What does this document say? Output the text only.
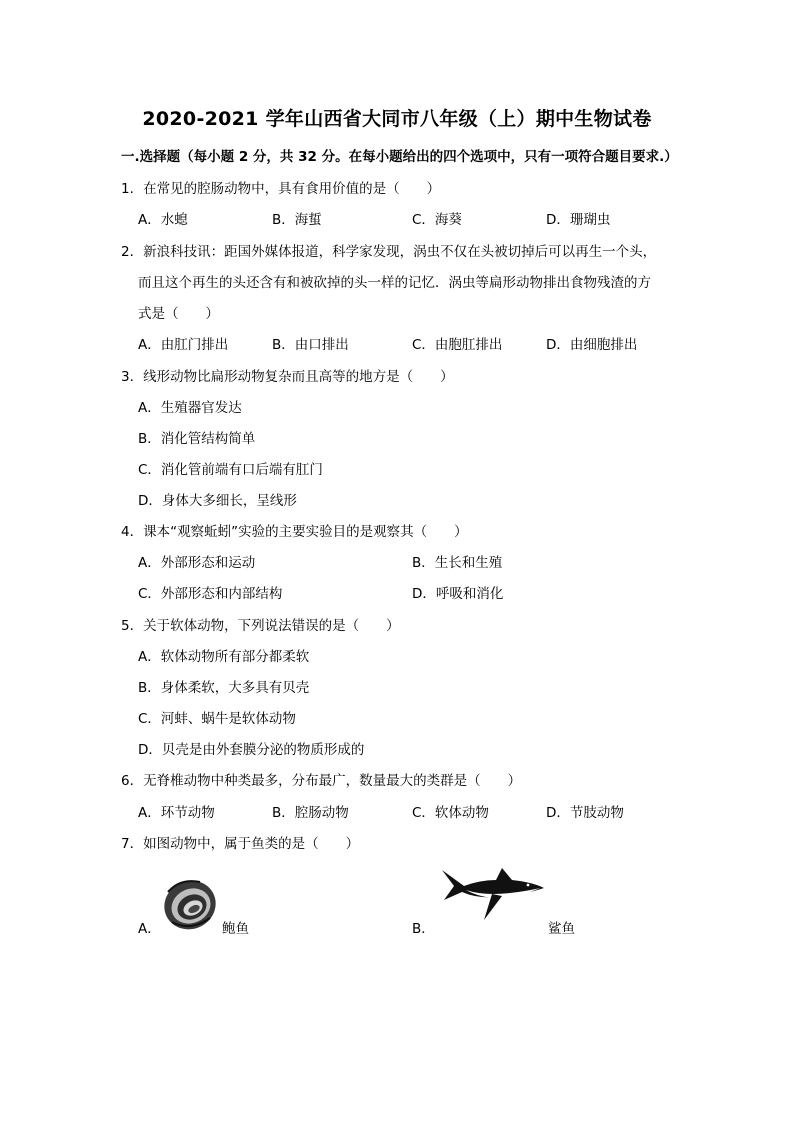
2020-2021 学年山西省大同市八年级（上）期中生物试卷
一.选择题（每小题 2 分，共 32 分。在每小题给出的四个选项中，只有一项符合题目要求.）
1．在常见的腔肠动物中，具有食用价值的是（　　）
A．水螅	B．海蜇	C．海葵	D．珊瑚虫
2．新浪科技讯：距国外媒体报道，科学家发现，涡虫不仅在头被切掉后可以再生一个头，
而且这个再生的头还含有和被砍掉的头一样的记忆．涡虫等扁形动物排出食物残渣的方
式是（　　）
A．由肛门排出	B．由口排出	C．由胞肛排出	D．由细胞排出
3．线形动物比扁形动物复杂而且高等的地方是（　　）
A．生殖器官发达
B．消化管结构简单
C．消化管前端有口后端有肛门
D．身体大多细长，呈线形
4．课本“观察蚯蚓”实验的主要实验目的是观察其（　　）
A．外部形态和运动	B．生长和生殖
C．外部形态和内部结构	D．呼吸和消化
5．关于软体动物，下列说法错误的是（　　）
A．软体动物所有部分都柔软
B．身体柔软，大多具有贝壳
C．河蚌、蜗牛是软体动物
D．贝壳是由外套膜分泌的物质形成的
6．无脊椎动物中种类最多，分布最广，数量最大的类群是（　　）
A．环节动物	B．腔肠动物	C．软体动物	D．节肢动物
7．如图动物中，属于鱼类的是（　　）
A．	鲍鱼	B．	鲨鱼
